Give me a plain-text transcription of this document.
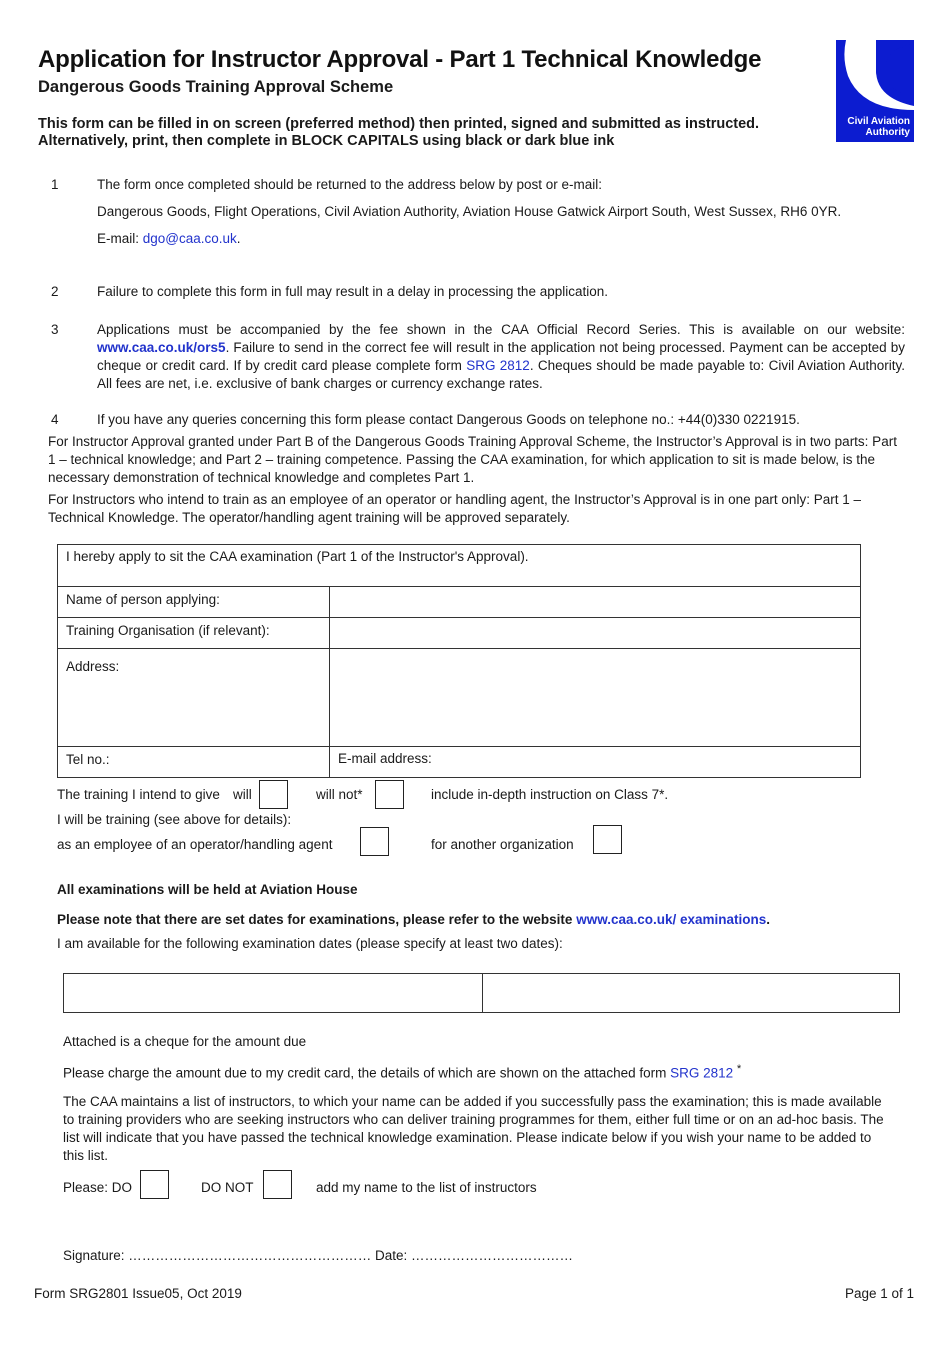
Application for Instructor Approval - Part 1 Technical Knowledge
Dangerous Goods Training Approval Scheme
This form can be filled in on screen (preferred method) then printed, signed and submitted as instructed. Alternatively, print, then complete in BLOCK CAPITALS using black or dark blue ink
Civil Aviation
Authority
1	The form once completed should be returned to the address below by post or e-mail:
Dangerous Goods, Flight Operations, Civil Aviation Authority, Aviation House Gatwick Airport South, West Sussex, RH6 0YR.
E-mail: dgo@caa.co.uk.
2	Failure to complete this form in full may result in a delay in processing the application.
3	Applications must be accompanied by the fee shown in the CAA Official Record Series. This is available on our website: www.caa.co.uk/ors5. Failure to send in the correct fee will result in the application not being processed. Payment can be accepted by cheque or credit card. If by credit card please complete form SRG 2812. Cheques should be made payable to: Civil Aviation Authority. All fees are net, i.e. exclusive of bank charges or currency exchange rates.
4	If you have any queries concerning this form please contact Dangerous Goods on telephone no.: +44(0)330 0221915.
For Instructor Approval granted under Part B of the Dangerous Goods Training Approval Scheme, the Instructor’s Approval is in two parts: Part 1 – technical knowledge; and Part 2 – training competence. Passing the CAA examination, for which application to sit is made below, is the necessary demonstration of technical knowledge and completes Part 1.
For Instructors who intend to train as an employee of an operator or handling agent, the Instructor’s Approval is in one part only: Part 1 – Technical Knowledge. The operator/handling agent training will be approved separately.
I hereby apply to sit the CAA examination (Part 1 of the Instructor's Approval).
Name of person applying:
Training Organisation (if relevant):
Address:
Tel no.:	E-mail address:
The training I intend to give will	will not*	include in-depth instruction on Class 7*.
I will be training (see above for details):
as an employee of an operator/handling agent	for another organization
All examinations will be held at Aviation House
Please note that there are set dates for examinations, please refer to the website www.caa.co.uk/ examinations.
I am available for the following examination dates (please specify at least two dates):
Attached is a cheque for the amount due
Please charge the amount due to my credit card, the details of which are shown on the attached form SRG 2812 *
The CAA maintains a list of instructors, to which your name can be added if you successfully pass the examination; this is made available to training providers who are seeking instructors who can deliver training programmes for them, either full time or on an ad-hoc basis. The list will indicate that you have passed the technical knowledge examination. Please indicate below if you wish your name to be added to this list.
Please: DO	DO NOT	add my name to the list of instructors
Signature: ……………………………………………… Date: ………………………………
Form SRG2801 Issue05, Oct 2019	Page 1 of 1
